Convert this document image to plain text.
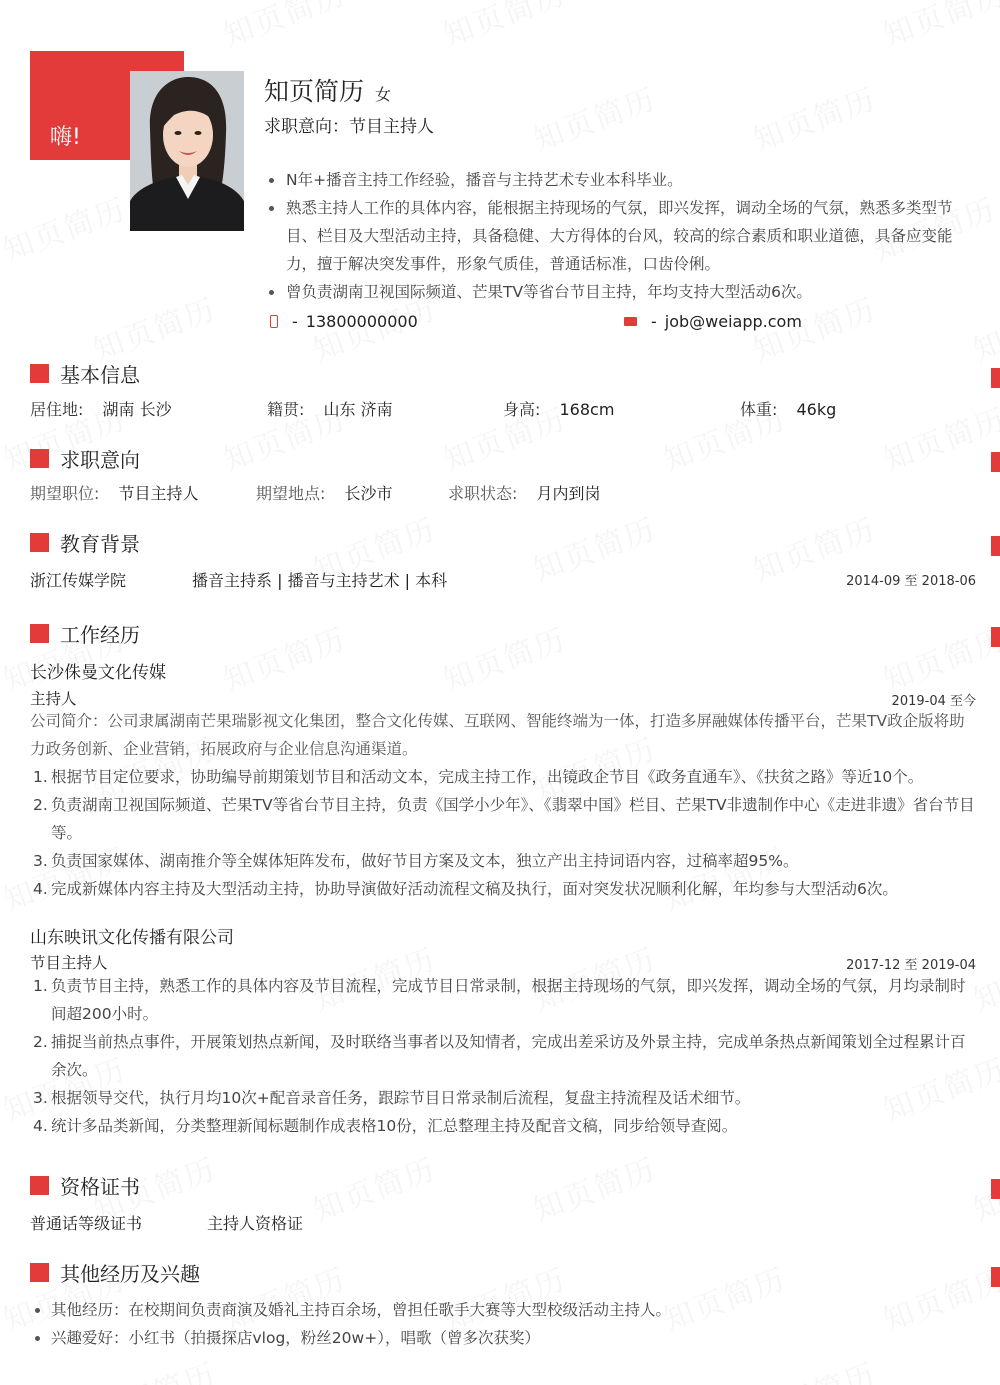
嗨!
知页简历 女
求职意向：节目主持人
N年+播音主持工作经验，播音与主持艺术专业本科毕业。
熟悉主持人工作的具体内容，能根据主持现场的气氛，即兴发挥，调动全场的气氛，熟悉多类型节目、栏目及大型活动主持，具备稳健、大方得体的台风，较高的综合素质和职业道德，具备应变能力，擅于解决突发事件，形象气质佳，普通话标准，口齿伶俐。
曾负责湖南卫视国际频道、芒果TV等省台节目主持，年均支持大型活动6次。
- 13800000000	- job@weiapp.com
基本信息
居住地: 湖南 长沙	籍贯: 山东 济南	身高: 168cm	体重: 46kg
求职意向
期望职位: 节目主持人	期望地点: 长沙市	求职状态: 月内到岗
教育背景
浙江传媒学院	播音主持系 | 播音与主持艺术 | 本科	2014-09 至 2018-06
工作经历
长沙侏曼文化传媒
主持人	2019-04 至今
公司简介：公司隶属湖南芒果瑞影视文化集团，整合文化传媒、互联网、智能终端为一体，打造多屏融媒体传播平台，芒果TV政企版将助力政务创新、企业营销，拓展政府与企业信息沟通渠道。
1. 根据节目定位要求，协助编导前期策划节目和活动文本，完成主持工作，出镜政企节目《政务直通车》、《扶贫之路》等近10个。
2. 负责湖南卫视国际频道、芒果TV等省台节目主持，负责《国学小少年》、《翡翠中国》栏目、芒果TV非遗制作中心《走进非遗》省台节目等。
3. 负责国家媒体、湖南推介等全媒体矩阵发布，做好节目方案及文本，独立产出主持词语内容，过稿率超95%。
4. 完成新媒体内容主持及大型活动主持，协助导演做好活动流程文稿及执行，面对突发状况顺利化解，年均参与大型活动6次。
山东映讯文化传播有限公司
节目主持人	2017-12 至 2019-04
1. 负责节目主持，熟悉工作的具体内容及节目流程，完成节目日常录制，根据主持现场的气氛，即兴发挥，调动全场的气氛，月均录制时间超200小时。
2. 捕捉当前热点事件，开展策划热点新闻，及时联络当事者以及知情者，完成出差采访及外景主持，完成单条热点新闻策划全过程累计百余次。
3. 根据领导交代，执行月均10次+配音录音任务，跟踪节目日常录制后流程，复盘主持流程及话术细节。
4. 统计多品类新闻，分类整理新闻标题制作成表格10份，汇总整理主持及配音文稿，同步给领导查阅。
资格证书
普通话等级证书	主持人资格证
其他经历及兴趣
其他经历：在校期间负责商演及婚礼主持百余场，曾担任歌手大赛等大型校级活动主持人。
兴趣爱好：小红书（拍摄探店vlog，粉丝20w+），唱歌（曾多次获奖）
